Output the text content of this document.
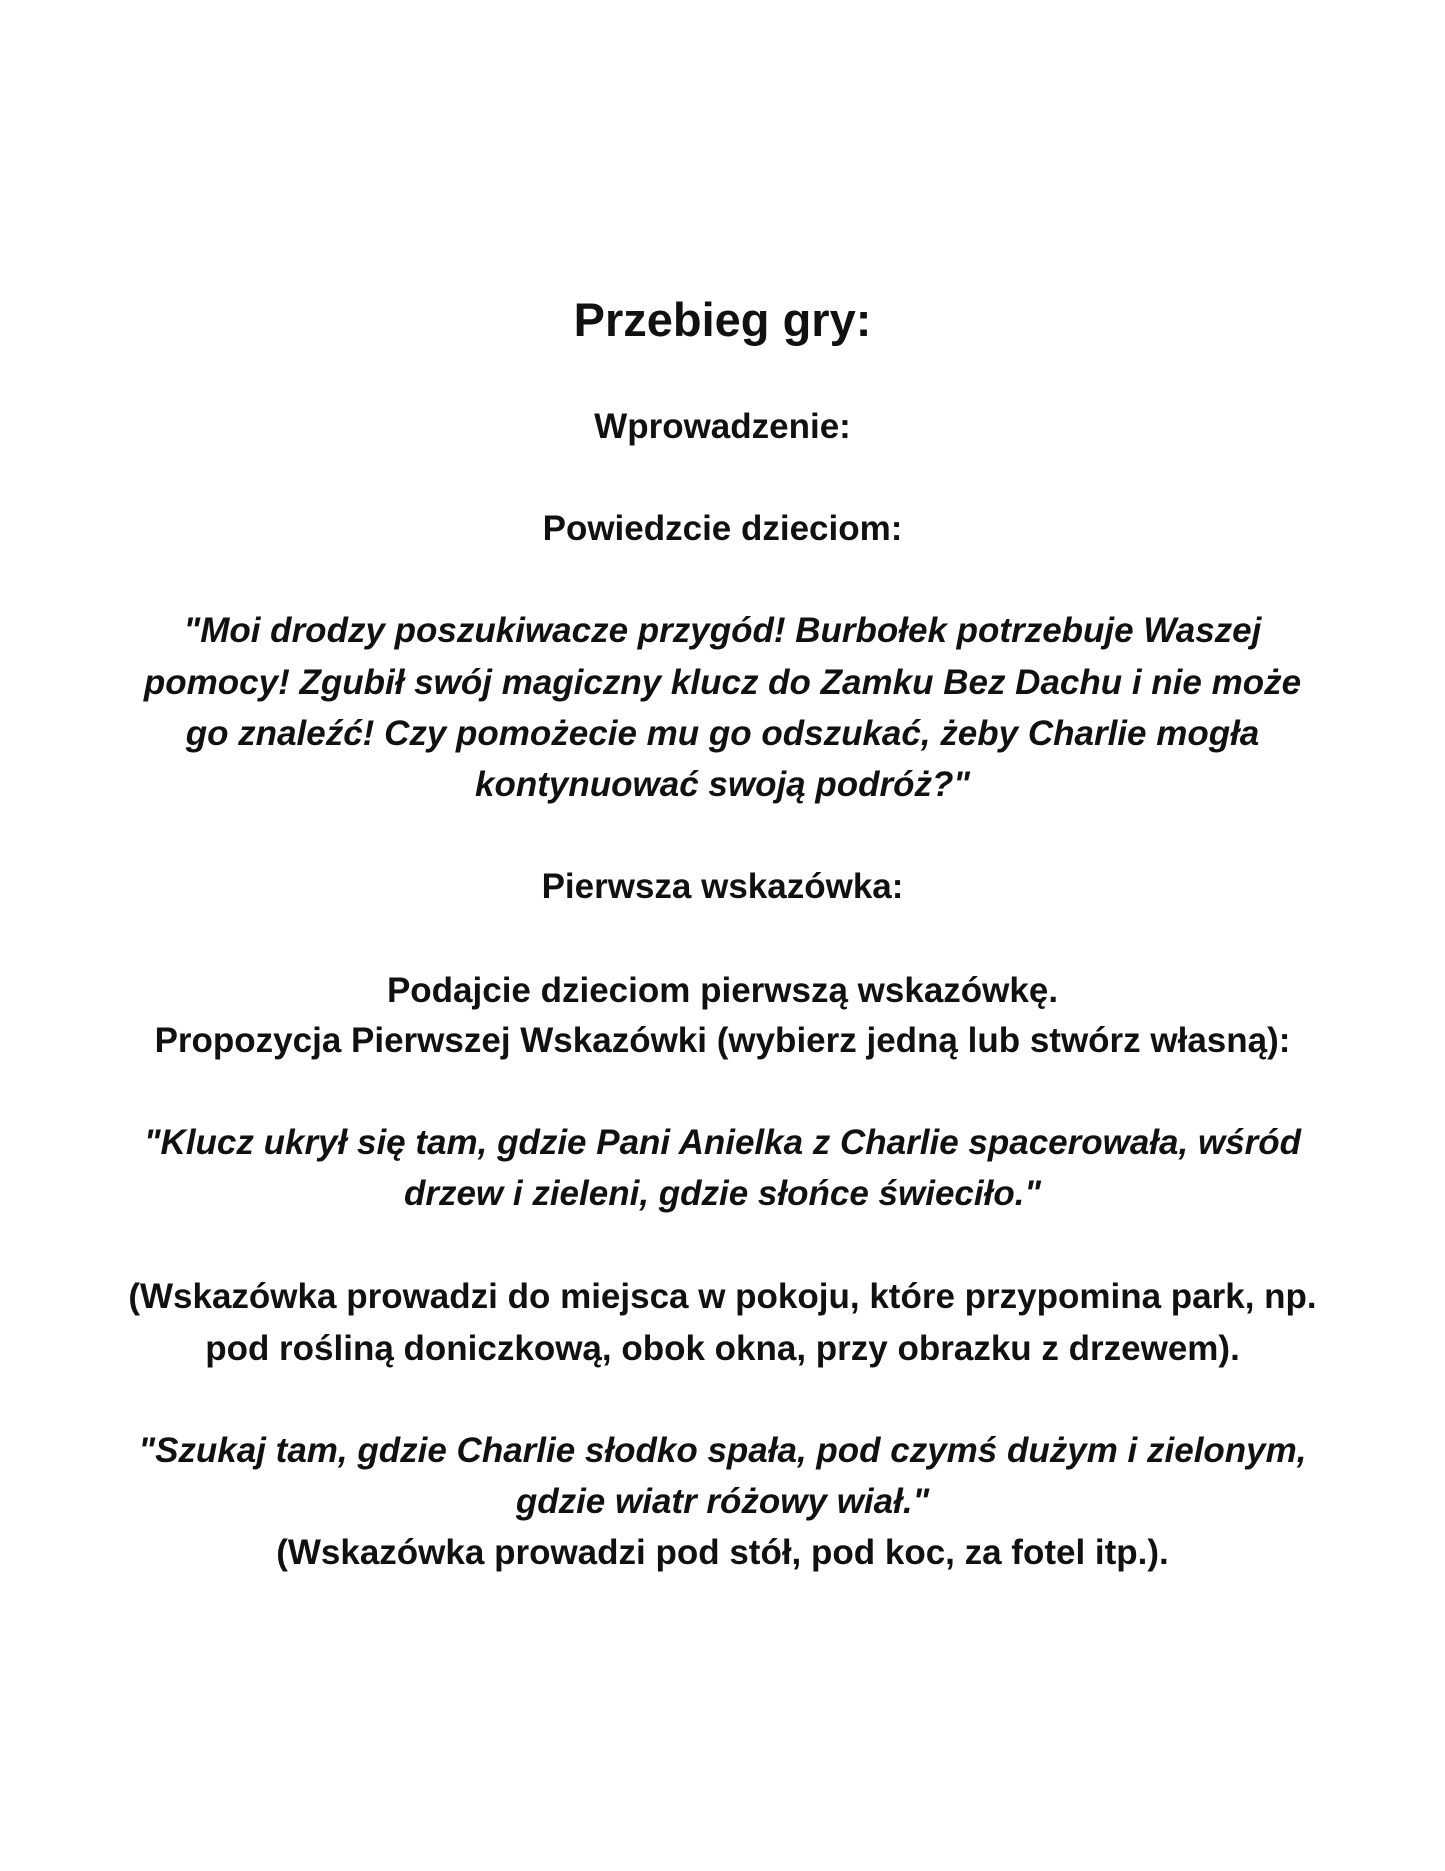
Przebieg gry:
Wprowadzenie:
Powiedzcie dzieciom:
"Moi drodzy poszukiwacze przygód! Burbołek potrzebuje Waszej
pomocy! Zgubił swój magiczny klucz do Zamku Bez Dachu i nie może
go znaleźć! Czy pomożecie mu go odszukać, żeby Charlie mogła
kontynuować swoją podróż?"
Pierwsza wskazówka:
Podajcie dzieciom pierwszą wskazówkę.
Propozycja Pierwszej Wskazówki (wybierz jedną lub stwórz własną):
"Klucz ukrył się tam, gdzie Pani Anielka z Charlie spacerowała, wśród
drzew i zieleni, gdzie słońce świeciło."
(Wskazówka prowadzi do miejsca w pokoju, które przypomina park, np.
pod rośliną doniczkową, obok okna, przy obrazku z drzewem).
"Szukaj tam, gdzie Charlie słodko spała, pod czymś dużym i zielonym,
gdzie wiatr różowy wiał."
(Wskazówka prowadzi pod stół, pod koc, za fotel itp.).
